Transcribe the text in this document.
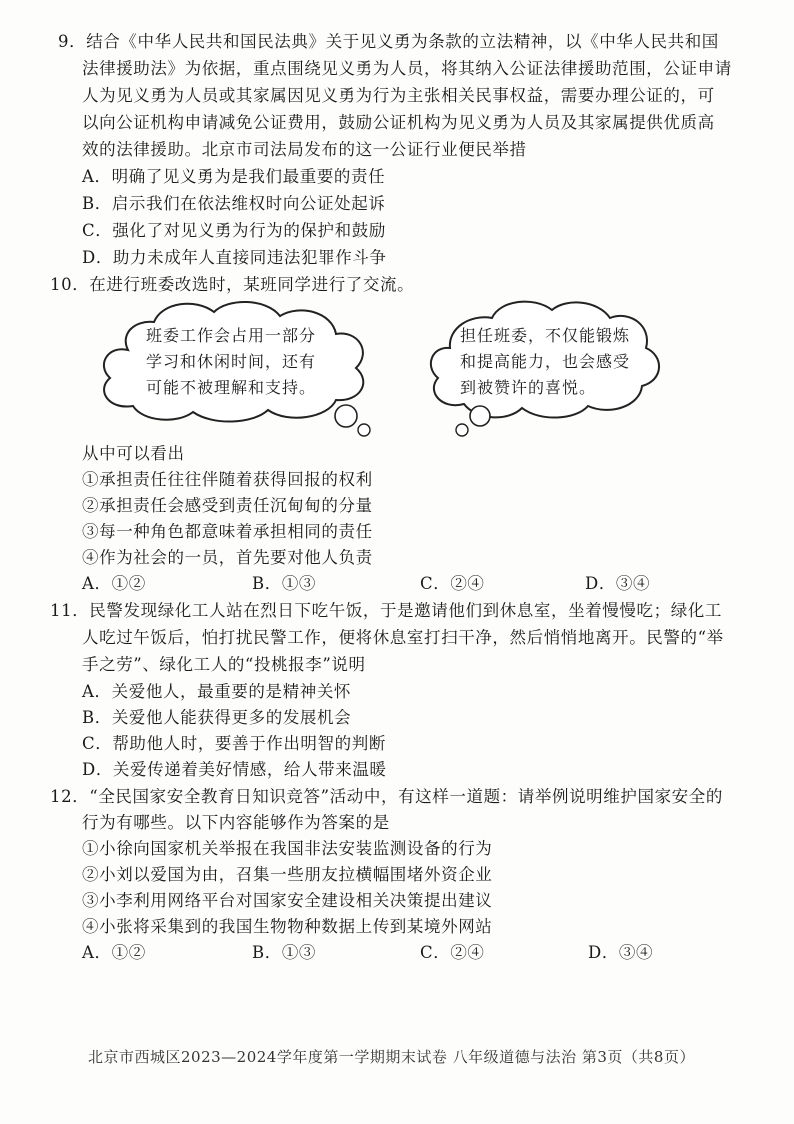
9．结合《中华人民共和国民法典》关于见义勇为条款的立法精神，以《中华人民共和国
法律援助法》为依据，重点围绕见义勇为人员，将其纳入公证法律援助范围，公证申请
人为见义勇为人员或其家属因见义勇为行为主张相关民事权益，需要办理公证的，可
以向公证机构申请减免公证费用，鼓励公证机构为见义勇为人员及其家属提供优质高
效的法律援助。北京市司法局发布的这一公证行业便民举措
A．明确了见义勇为是我们最重要的责任
B．启示我们在依法维权时向公证处起诉
C．强化了对见义勇为行为的保护和鼓励
D．助力未成年人直接同违法犯罪作斗争
10．在进行班委改选时，某班同学进行了交流。
班委工作会占用一部分
学习和休闲时间，还有
可能不被理解和支持。
担任班委，不仅能锻炼
和提高能力，也会感受
到被赞许的喜悦。
从中可以看出
①承担责任往往伴随着获得回报的权利
②承担责任会感受到责任沉甸甸的分量
③每一种角色都意味着承担相同的责任
④作为社会的一员，首先要对他人负责
A．①②	B．①③	C．②④	D．③④
11．民警发现绿化工人站在烈日下吃午饭，于是邀请他们到休息室，坐着慢慢吃；绿化工
人吃过午饭后，怕打扰民警工作，便将休息室打扫干净，然后悄悄地离开。民警的“举
手之劳”、绿化工人的“投桃报李”说明
A．关爱他人，最重要的是精神关怀
B．关爱他人能获得更多的发展机会
C．帮助他人时，要善于作出明智的判断
D．关爱传递着美好情感，给人带来温暖
12．“全民国家安全教育日知识竞答”活动中，有这样一道题：请举例说明维护国家安全的
行为有哪些。以下内容能够作为答案的是
①小徐向国家机关举报在我国非法安装监测设备的行为
②小刘以爱国为由，召集一些朋友拉横幅围堵外资企业
③小李利用网络平台对国家安全建设相关决策提出建议
④小张将采集到的我国生物物种数据上传到某境外网站
A．①②	B．①③	C．②④	D．③④
北京市西城区2023—2024学年度第一学期期末试卷 八年级道德与法治 第3页（共8页）
